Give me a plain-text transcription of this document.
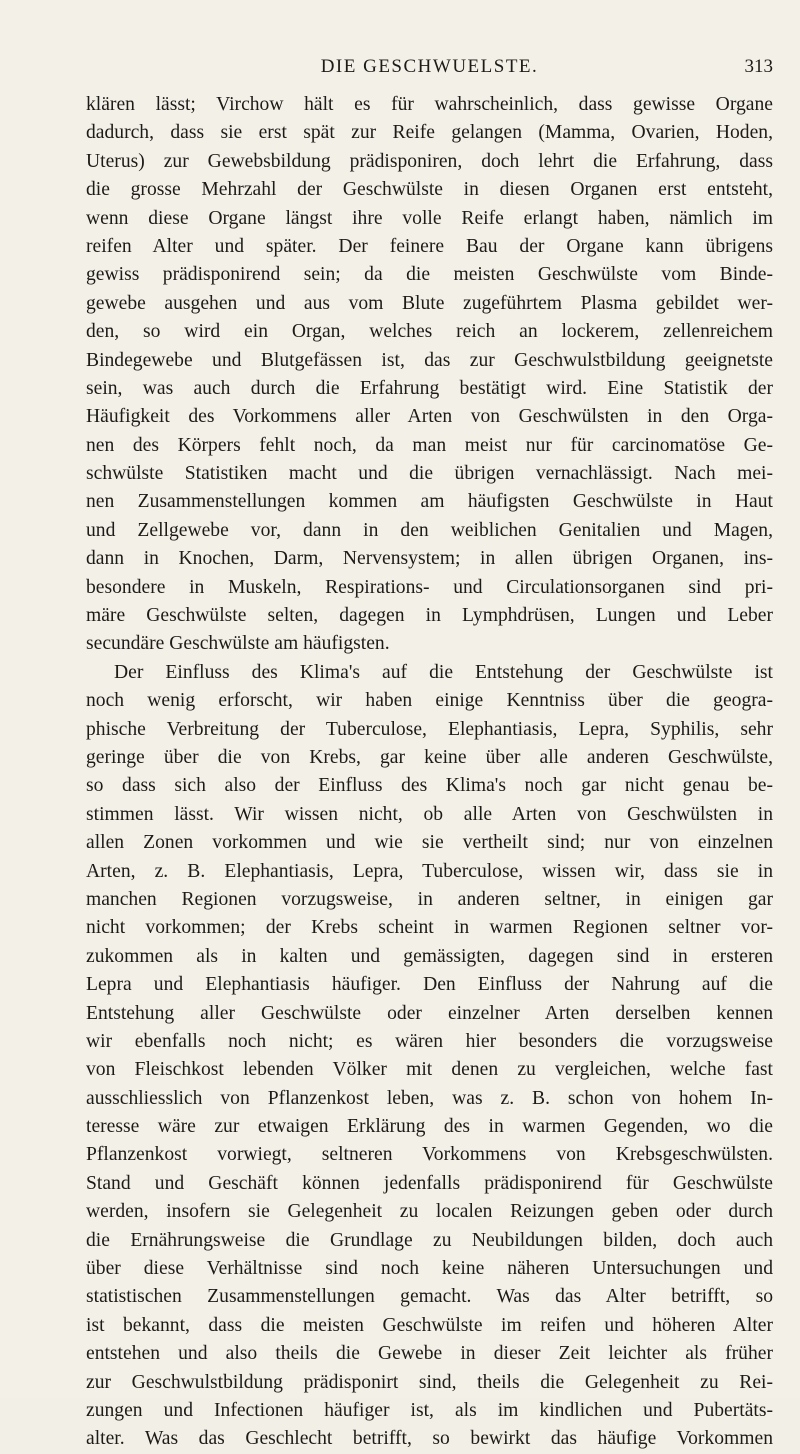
DIE GESCHWUELSTE.	313
klären lässt; Virchow hält es für wahrscheinlich, dass gewisse Organe
dadurch, dass sie erst spät zur Reife gelangen (Mamma, Ovarien, Hoden,
Uterus) zur Gewebsbildung prädisponiren, doch lehrt die Erfahrung, dass
die grosse Mehrzahl der Geschwülste in diesen Organen erst entsteht,
wenn diese Organe längst ihre volle Reife erlangt haben, nämlich im
reifen Alter und später. Der feinere Bau der Organe kann übrigens
gewiss prädisponirend sein; da die meisten Geschwülste vom Binde-
gewebe ausgehen und aus vom Blute zugeführtem Plasma gebildet wer-
den, so wird ein Organ, welches reich an lockerem, zellenreichem
Bindegewebe und Blutgefässen ist, das zur Geschwulstbildung geeignetste
sein, was auch durch die Erfahrung bestätigt wird. Eine Statistik der
Häufigkeit des Vorkommens aller Arten von Geschwülsten in den Orga-
nen des Körpers fehlt noch, da man meist nur für carcinomatöse Ge-
schwülste Statistiken macht und die übrigen vernachlässigt. Nach mei-
nen Zusammenstellungen kommen am häufigsten Geschwülste in Haut
und Zellgewebe vor, dann in den weiblichen Genitalien und Magen,
dann in Knochen, Darm, Nervensystem; in allen übrigen Organen, ins-
besondere in Muskeln, Respirations- und Circulationsorganen sind pri-
märe Geschwülste selten, dagegen in Lymphdrüsen, Lungen und Leber
secundäre Geschwülste am häufigsten.
Der Einfluss des Klima's auf die Entstehung der Geschwülste ist
noch wenig erforscht, wir haben einige Kenntniss über die geogra-
phische Verbreitung der Tuberculose, Elephantiasis, Lepra, Syphilis, sehr
geringe über die von Krebs, gar keine über alle anderen Geschwülste,
so dass sich also der Einfluss des Klima's noch gar nicht genau be-
stimmen lässt. Wir wissen nicht, ob alle Arten von Geschwülsten in
allen Zonen vorkommen und wie sie vertheilt sind; nur von einzelnen
Arten, z. B. Elephantiasis, Lepra, Tuberculose, wissen wir, dass sie in
manchen Regionen vorzugsweise, in anderen seltner, in einigen gar
nicht vorkommen; der Krebs scheint in warmen Regionen seltner vor-
zukommen als in kalten und gemässigten, dagegen sind in ersteren
Lepra und Elephantiasis häufiger. Den Einfluss der Nahrung auf die
Entstehung aller Geschwülste oder einzelner Arten derselben kennen
wir ebenfalls noch nicht; es wären hier besonders die vorzugsweise
von Fleischkost lebenden Völker mit denen zu vergleichen, welche fast
ausschliesslich von Pflanzenkost leben, was z. B. schon von hohem In-
teresse wäre zur etwaigen Erklärung des in warmen Gegenden, wo die
Pflanzenkost vorwiegt, seltneren Vorkommens von Krebsgeschwülsten.
Stand und Geschäft können jedenfalls prädisponirend für Geschwülste
werden, insofern sie Gelegenheit zu localen Reizungen geben oder durch
die Ernährungsweise die Grundlage zu Neubildungen bilden, doch auch
über diese Verhältnisse sind noch keine näheren Untersuchungen und
statistischen Zusammenstellungen gemacht. Was das Alter betrifft, so
ist bekannt, dass die meisten Geschwülste im reifen und höheren Alter
entstehen und also theils die Gewebe in dieser Zeit leichter als früher
zur Geschwulstbildung prädisponirt sind, theils die Gelegenheit zu Rei-
zungen und Infectionen häufiger ist, als im kindlichen und Pubertäts-
alter. Was das Geschlecht betrifft, so bewirkt das häufige Vorkommen
